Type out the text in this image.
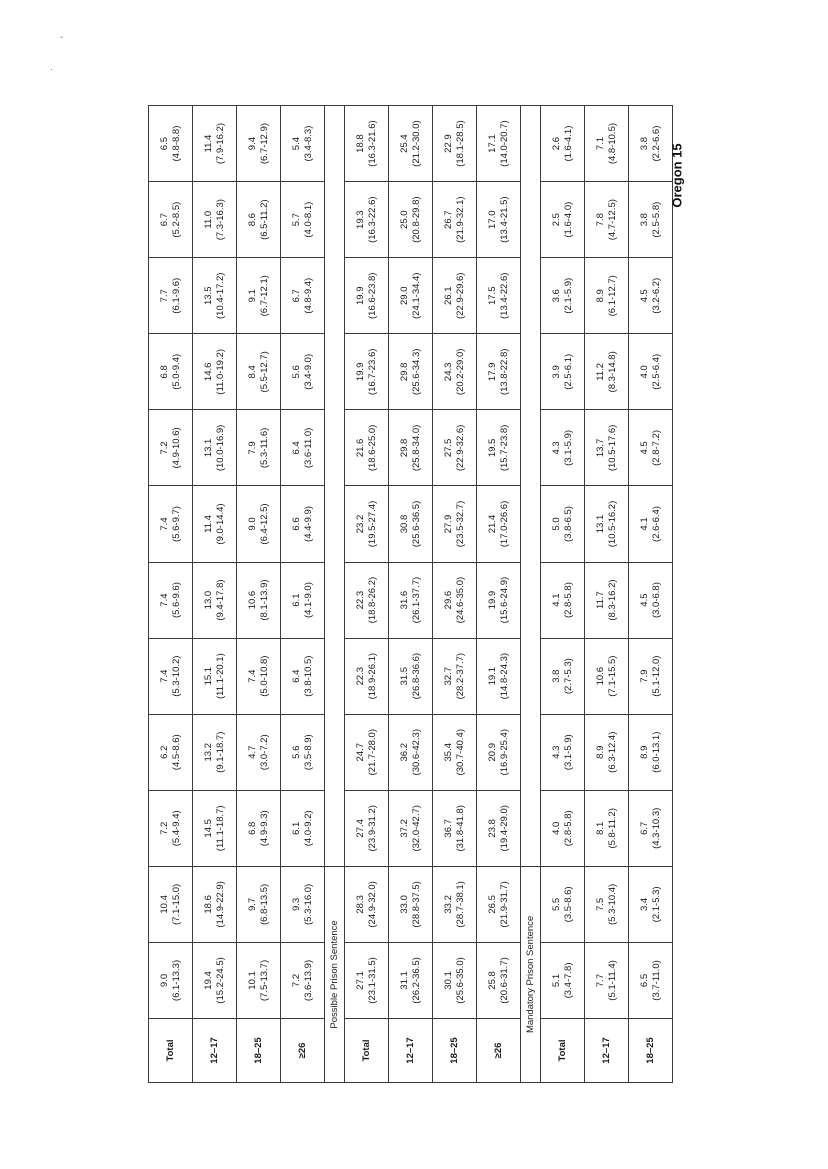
-
.
Total	9.0 (6.1-13.3)	10.4 (7.1-15.0)	7.2 (5.4-9.4)	6.2 (4.5-8.6)	7.4 (5.3-10.2)	7.4 (5.6-9.6)	7.4 (5.6-9.7)	7.2 (4.9-10.6)	6.8 (5.0-9.4)	7.7 (6.1-9.6)	6.7 (5.2-8.5)	6.5 (4.8-8.8)

12–17	19.4 (15.2-24.5)	18.6 (14.9-22.9)	14.5 (11.1-18.7)	13.2 (9.1-18.7)	15.1 (11.1-20.1)	13.0 (9.4-17.8)	11.4 (9.0-14.4)	13.1 (10.0-16.9)	14.6 (11.0-19.2)	13.5 (10.4-17.2)	11.0 (7.3-16.3)	11.4 (7.9-16.2)

18–25	10.1 (7.5-13.7)	9.7 (6.8-13.5)	6.8 (4.9-9.3)	4.7 (3.0-7.2)	7.4 (5.0-10.8)	10.6 (8.1-13.9)	9.0 (6.4-12.5)	7.9 (5.3-11.6)	8.4 (5.5-12.7)	9.1 (6.7-12.1)	8.6 (6.5-11.2)	9.4 (6.7-12.9)

≥26	7.2 (3.6-13.9)	9.3 (5.3-16.0)	6.1 (4.0-9.2)	5.6 (3.5-8.9)	6.4 (3.8-10.5)	6.1 (4.1-9.0)	6.6 (4.4-9.9)	6.4 (3.6-11.0)	5.6 (3.4-9.0)	6.7 (4.8-9.4)	5.7 (4.0-8.1)	5.4 (3.4-8.3)

Possible Prison Sentence												
Total	27.1 (23.1-31.5)	28.3 (24.9-32.0)	27.4 (23.9-31.2)	24.7 (21.7-28.0)	22.3 (18.9-26.1)	22.3 (18.8-26.2)	23.2 (19.5-27.4)	21.6 (18.6-25.0)	19.9 (16.7-23.6)	19.9 (16.6-23.8)	19.3 (16.3-22.6)	18.8 (16.3-21.6)

12–17	31.1 (26.2-36.5)	33.0 (28.8-37.5)	37.2 (32.0-42.7)	36.2 (30.6-42.3)	31.5 (26.8-36.6)	31.6 (26.1-37.7)	30.8 (25.6-36.5)	29.8 (25.8-34.0)	29.8 (25.6-34.3)	29.0 (24.1-34.4)	25.0 (20.8-29.8)	25.4 (21.2-30.0)

18–25	30.1 (25.6-35.0)	33.2 (28.7-38.1)	36.7 (31.8-41.8)	35.4 (30.7-40.4)	32.7 (28.2-37.7)	29.6 (24.6-35.0)	27.9 (23.5-32.7)	27.5 (22.9-32.6)	24.3 (20.2-29.0)	26.1 (22.9-29.6)	26.7 (21.9-32.1)	22.9 (18.1-28.5)

≥26	25.8 (20.6-31.7)	26.5 (21.9-31.7)	23.8 (19.4-29.0)	20.9 (16.9-25.4)	19.1 (14.8-24.3)	19.9 (15.6-24.9)	21.4 (17.0-26.6)	19.5 (15.7-23.8)	17.9 (13.8-22.8)	17.5 (13.4-22.6)	17.0 (13.4-21.5)	17.1 (14.0-20.7)

Mandatory Prison Sentence												
Total	5.1 (3.4-7.8)	5.5 (3.5-8.6)	4.0 (2.8-5.8)	4.3 (3.1-5.9)	3.8 (2.7-5.3)	4.1 (2.8-5.8)	5.0 (3.8-6.5)	4.3 (3.1-5.9)	3.9 (2.5-6.1)	3.6 (2.1-5.9)	2.5 (1.6-4.0)	2.6 (1.6-4.1)

12–17	7.7 (5.1-11.4)	7.5 (5.3-10.4)	8.1 (5.8-11.2)	8.9 (6.3-12.4)	10.6 (7.1-15.5)	11.7 (8.3-16.2)	13.1 (10.5-16.2)	13.7 (10.5-17.6)	11.2 (8.3-14.8)	8.9 (6.1-12.7)	7.8 (4.7-12.5)	7.1 (4.8-10.5)

18–25	6.5 (3.7-11.0)	3.4 (2.1-5.3)	6.7 (4.3-10.3)	8.9 (6.0-13.1)	7.9 (5.1-12.0)	4.5 (3.0-6.8)	4.1 (2.6-6.4)	4.5 (2.8-7.2)	4.0 (2.5-6.4)	4.5 (3.2-6.2)	3.8 (2.5-5.8)	3.8 (2.2-6.6) Oregon 15
